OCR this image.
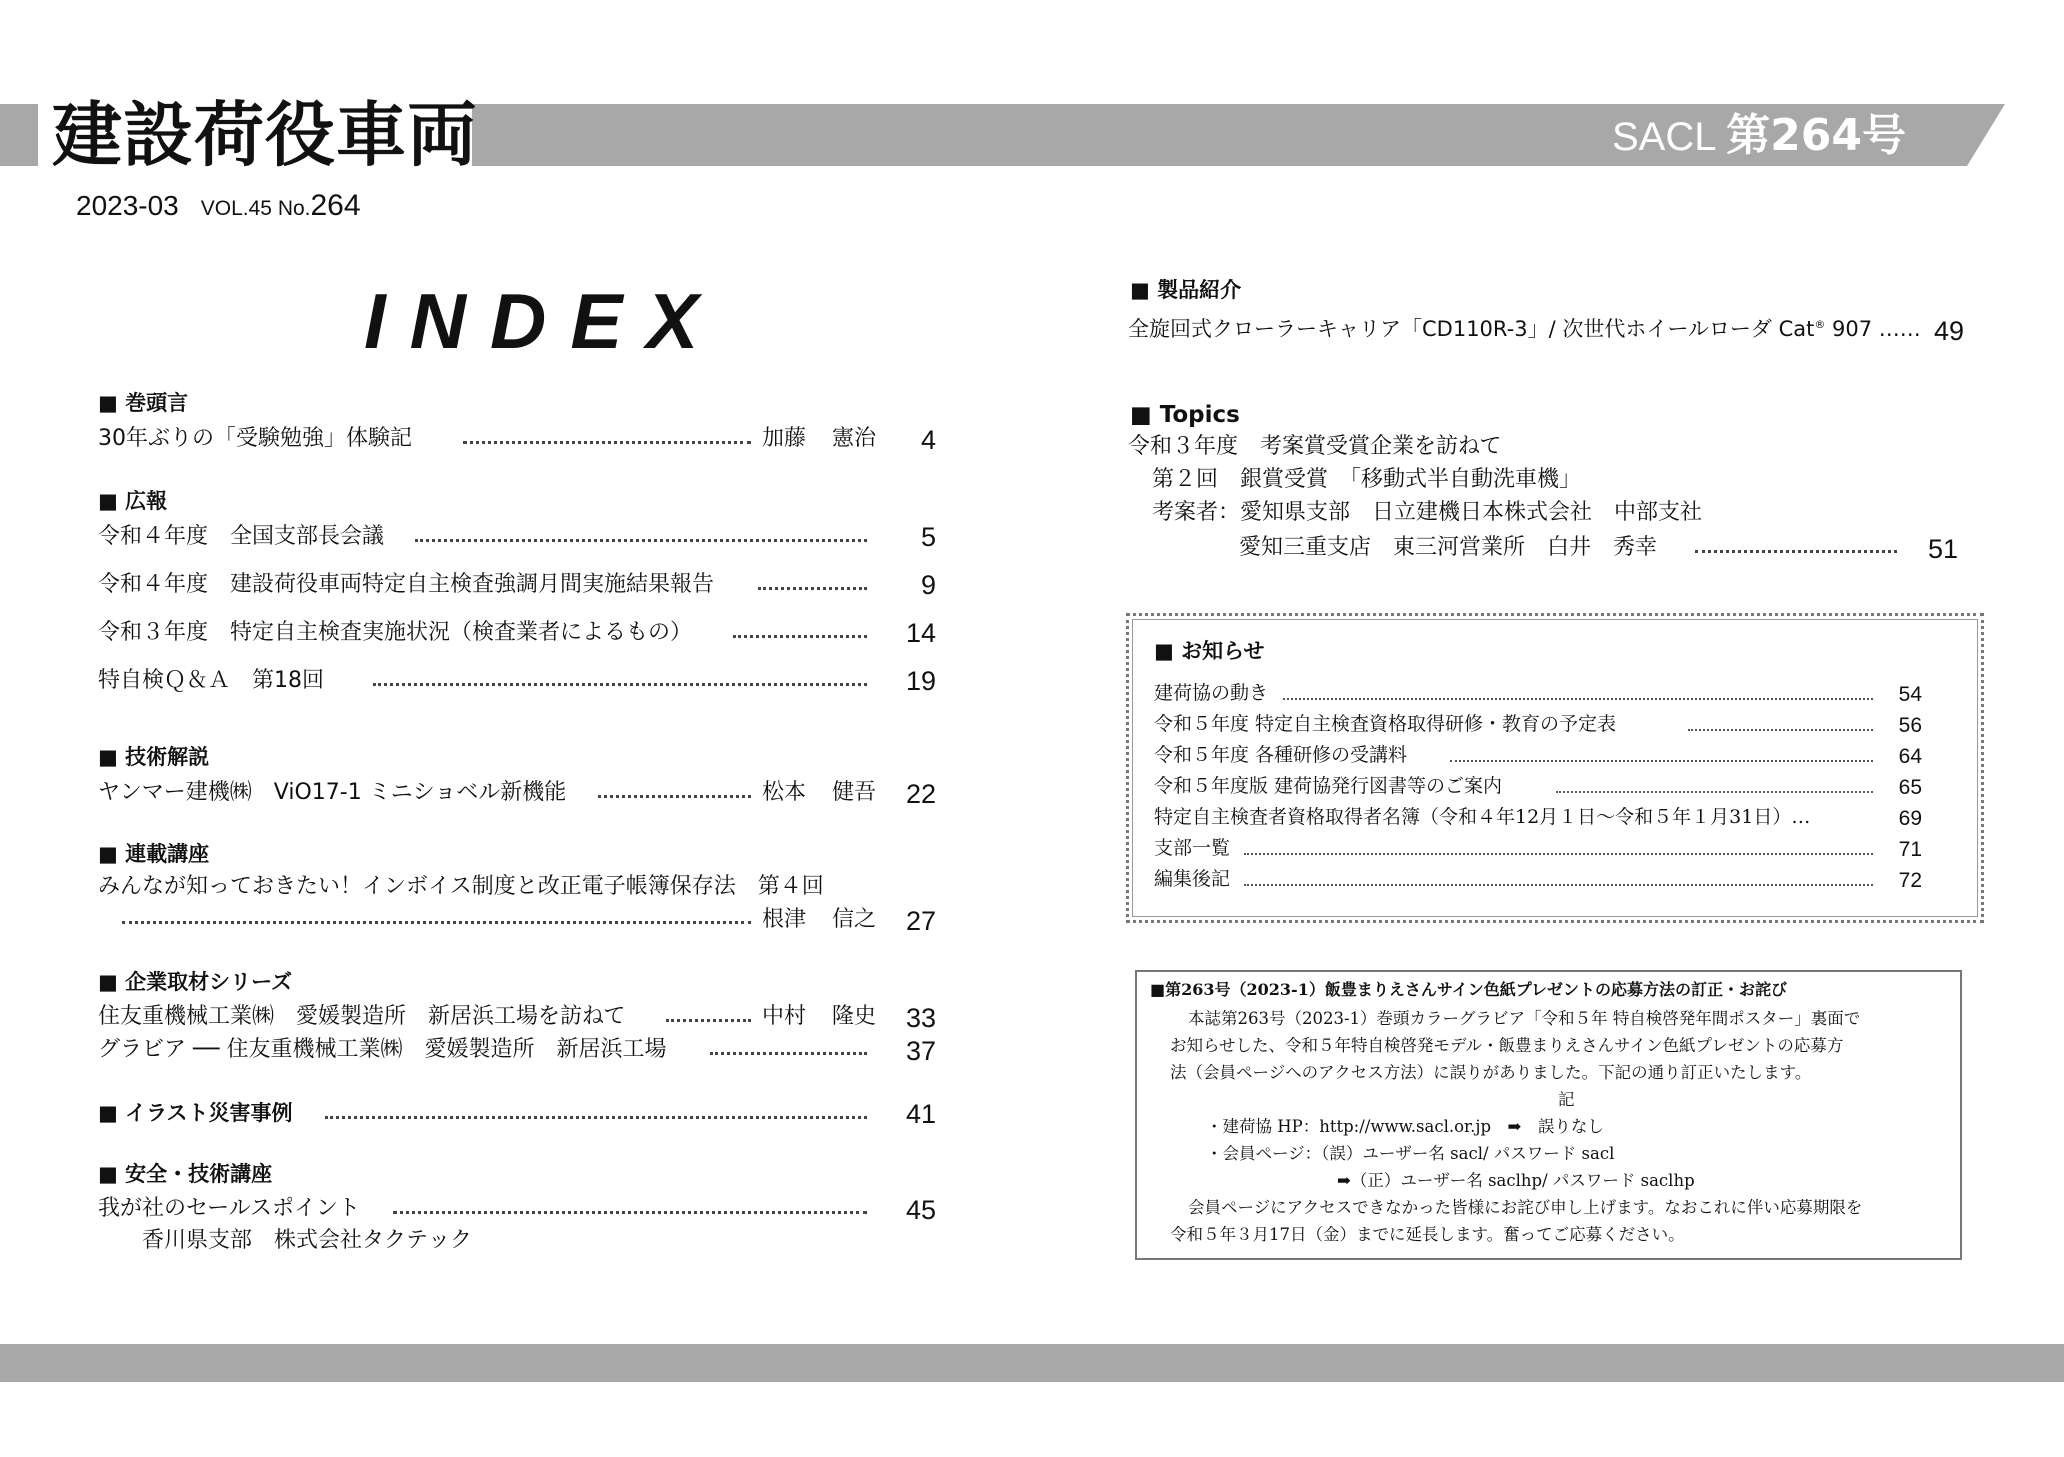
建設荷役車両	SACL 第264号
2023-03 VOL.45 No.264
INDEX
■ 巻頭言
30年ぶりの「受験勉強」体験記	加藤 憲治	4
■ 広報
令和４年度　全国支部長会議	5
令和４年度　建設荷役車両特定自主検査強調月間実施結果報告	9
令和３年度　特定自主検査実施状況（検査業者によるもの）	14
特自検Ｑ＆Ａ　第18回	19
■ 技術解説
ヤンマー建機㈱　ViO17-1 ミニショベル新機能	松本 健吾	22
■ 連載講座
みんなが知っておきたい！インボイス制度と改正電子帳簿保存法　第４回
根津 信之	27
■ 企業取材シリーズ
住友重機械工業㈱　愛媛製造所　新居浜工場を訪ねて	中村 隆史	33
グラビア ── 住友重機械工業㈱　愛媛製造所　新居浜工場	37
■ イラスト災害事例	41
■ 安全・技術講座
我が社のセールスポイント	45
香川県支部　株式会社タクテック
■ 製品紹介
全旋回式クローラーキャリア「CD110R-3」/ 次世代ホイールローダ Cat® 907 …… 49
■ Topics
令和３年度　考案賞受賞企業を訪ねて
第２回　銀賞受賞　「移動式半自動洗車機」
考案者：愛知県支部　日立建機日本株式会社　中部支社
愛知三重支店　東三河営業所　白井　秀幸	51
■ お知らせ
建荷協の動き	54
令和５年度 特定自主検査資格取得研修・教育の予定表	56
令和５年度 各種研修の受講料	64
令和５年度版 建荷協発行図書等のご案内	65
特定自主検査者資格取得者名簿（令和４年12月１日～令和５年１月31日）…	69
支部一覧	71
編集後記	72
■第263号（2023-1）飯豊まりえさんサイン色紙プレゼントの応募方法の訂正・お詫び
本誌第263号（2023-1）巻頭カラーグラビア「令和５年 特自検啓発年間ポスター」裏面で
お知らせした、令和５年特自検啓発モデル・飯豊まりえさんサイン色紙プレゼントの応募方
法（会員ページへのアクセス方法）に誤りがありました。下記の通り訂正いたします。
記
・建荷協 HP：http://www.sacl.or.jp　➡　誤りなし
・会員ページ：（誤）ユーザー名 sacl/ パスワード sacl
➡（正）ユーザー名 saclhp/ パスワード saclhp
会員ページにアクセスできなかった皆様にお詫び申し上げます。なおこれに伴い応募期限を
令和５年３月17日（金）までに延長します。奮ってご応募ください。
